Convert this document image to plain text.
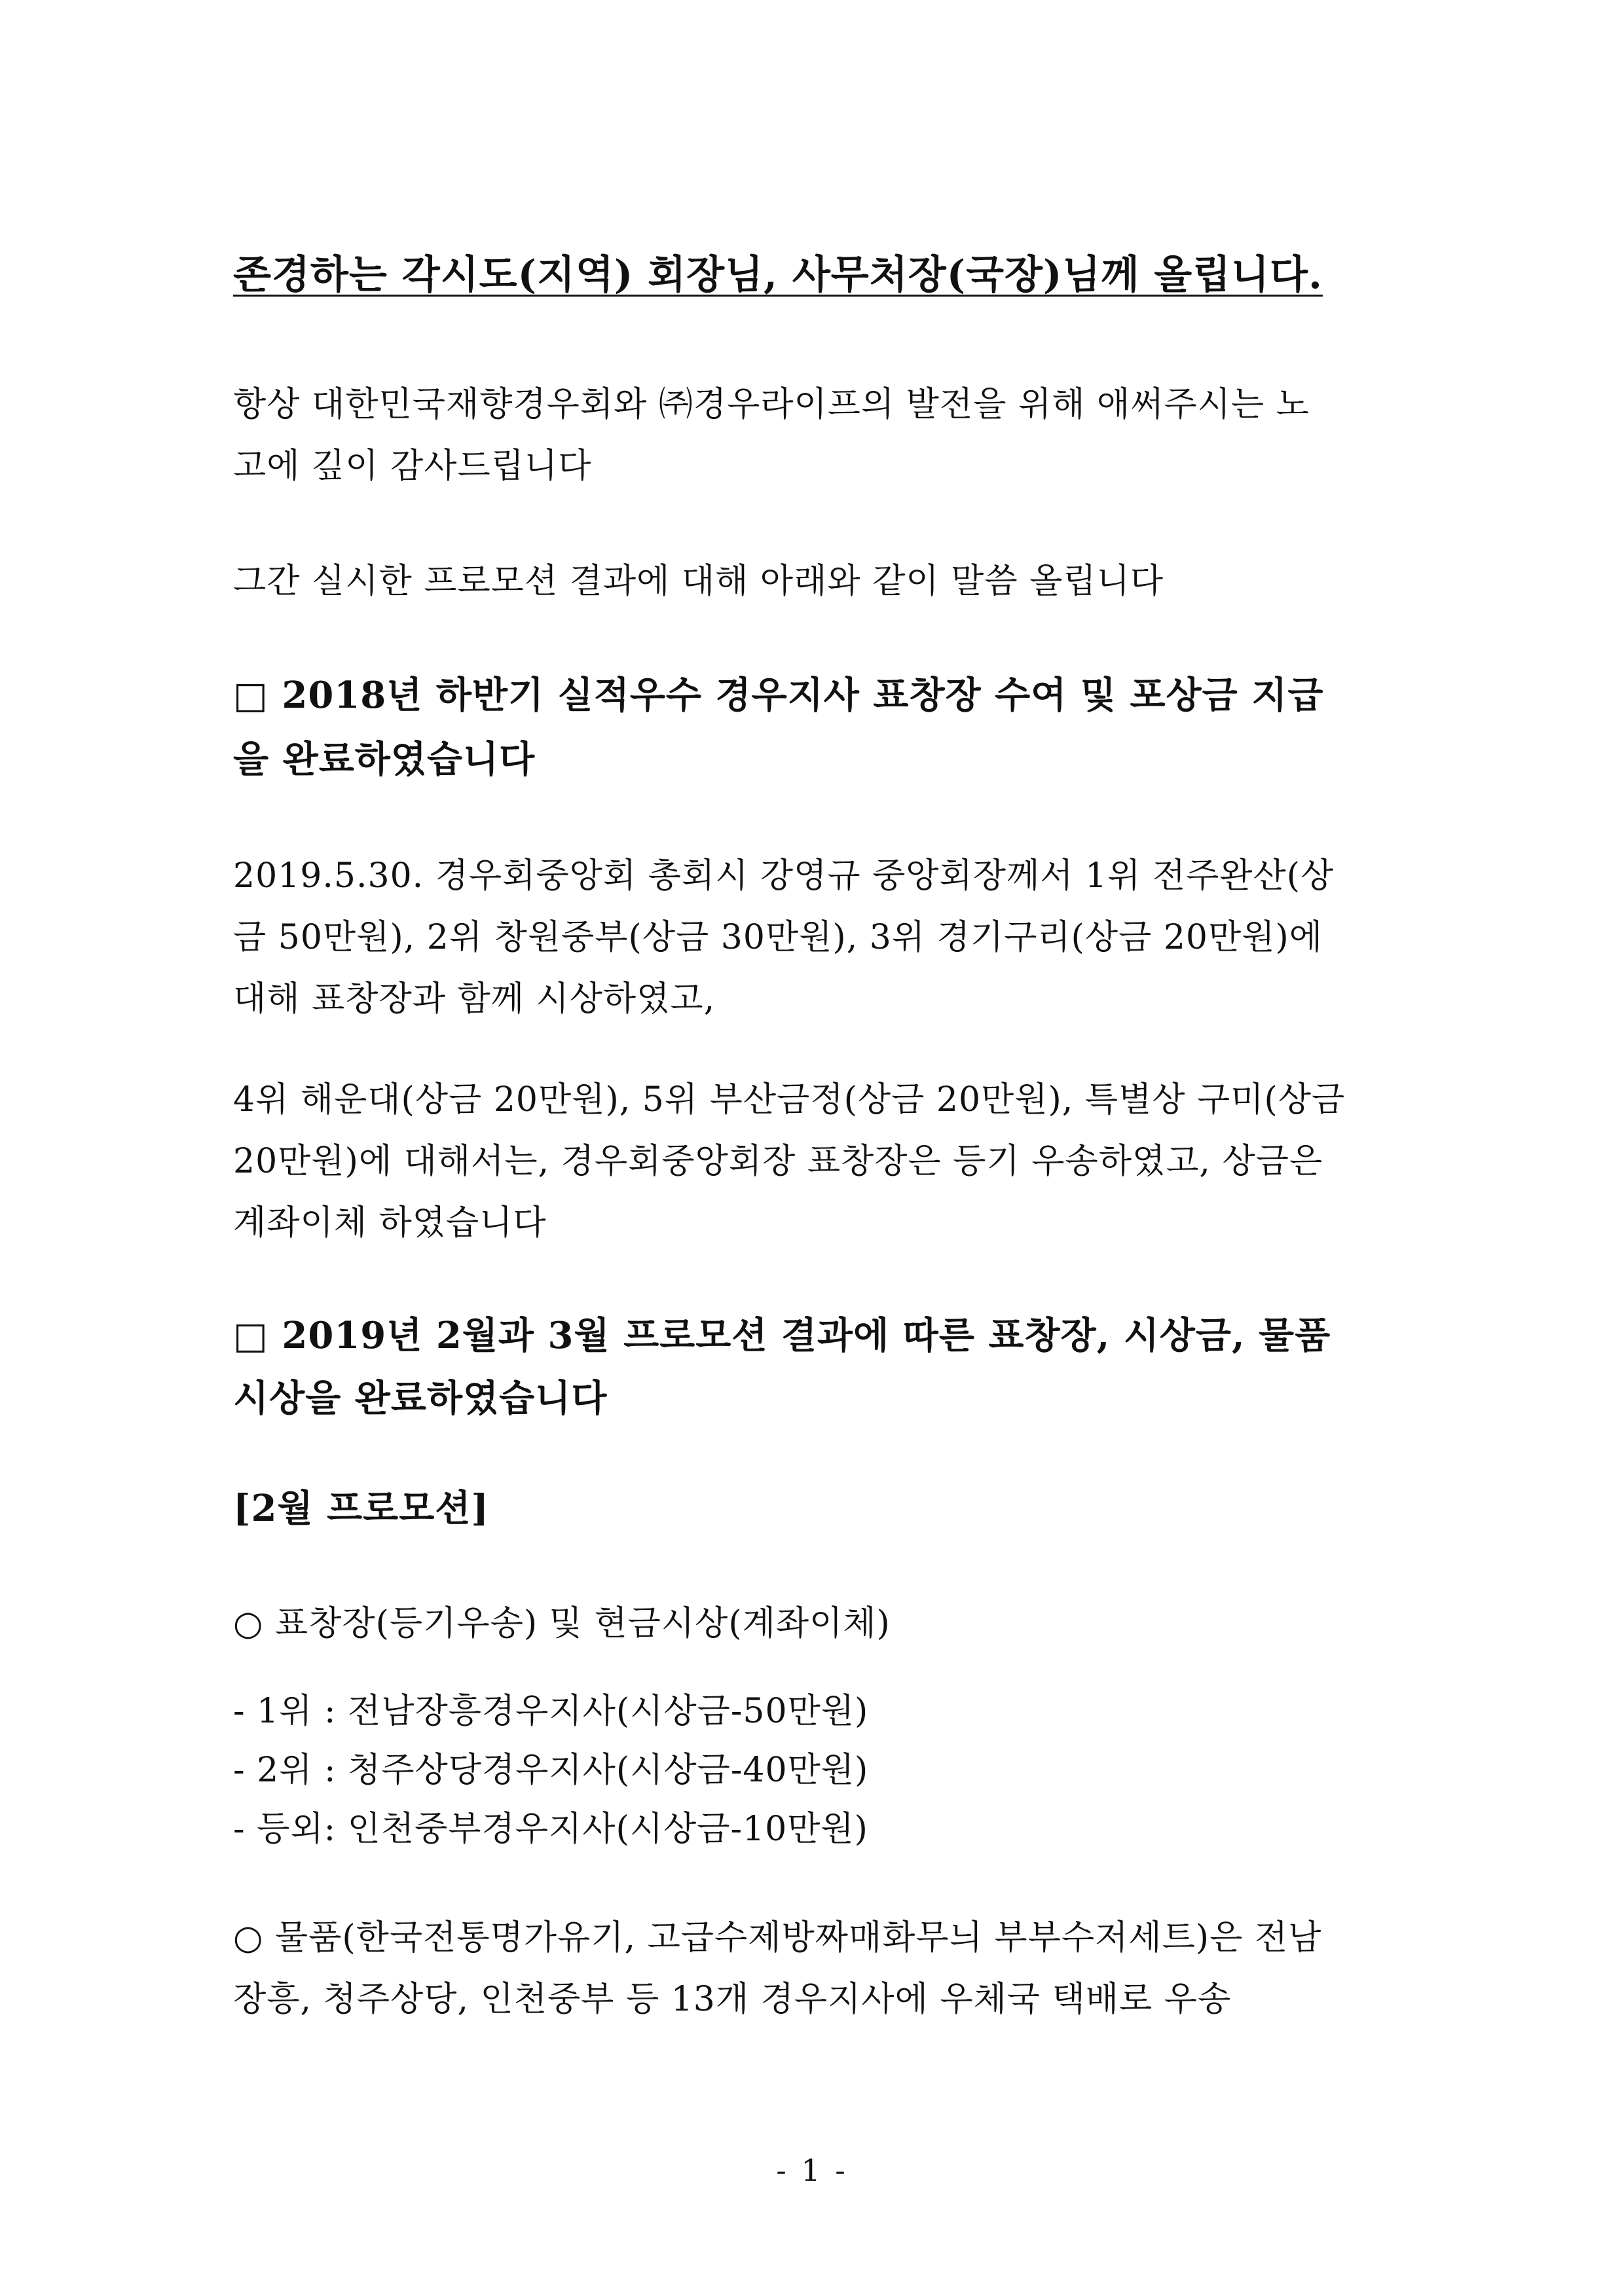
존경하는 각시도(지역) 회장님, 사무처장(국장)님께 올립니다.
항상 대한민국재향경우회와 ㈜경우라이프의 발전을 위해 애써주시는 노
고에 깊이 감사드립니다
그간 실시한 프로모션 결과에 대해 아래와 같이 말씀 올립니다
□ 2018년 하반기 실적우수 경우지사 표창장 수여 및 포상금 지급
을 완료하였습니다
2019.5.30. 경우회중앙회 총회시 강영규 중앙회장께서 1위 전주완산(상
금 50만원), 2위 창원중부(상금 30만원), 3위 경기구리(상금 20만원)에
대해 표창장과 함께 시상하였고,
4위 해운대(상금 20만원), 5위 부산금정(상금 20만원), 특별상 구미(상금
20만원)에 대해서는, 경우회중앙회장 표창장은 등기 우송하였고, 상금은
계좌이체 하였습니다
□ 2019년 2월과 3월 프로모션 결과에 따른 표창장, 시상금, 물품
시상을 완료하였습니다
[2월 프로모션]
○ 표창장(등기우송) 및 현금시상(계좌이체)
- 1위 : 전남장흥경우지사(시상금-50만원)
- 2위 : 청주상당경우지사(시상금-40만원)
- 등외: 인천중부경우지사(시상금-10만원)
○ 물품(한국전통명가유기, 고급수제방짜매화무늬 부부수저세트)은 전남
장흥, 청주상당, 인천중부 등 13개 경우지사에 우체국 택배로 우송
- 1 -
